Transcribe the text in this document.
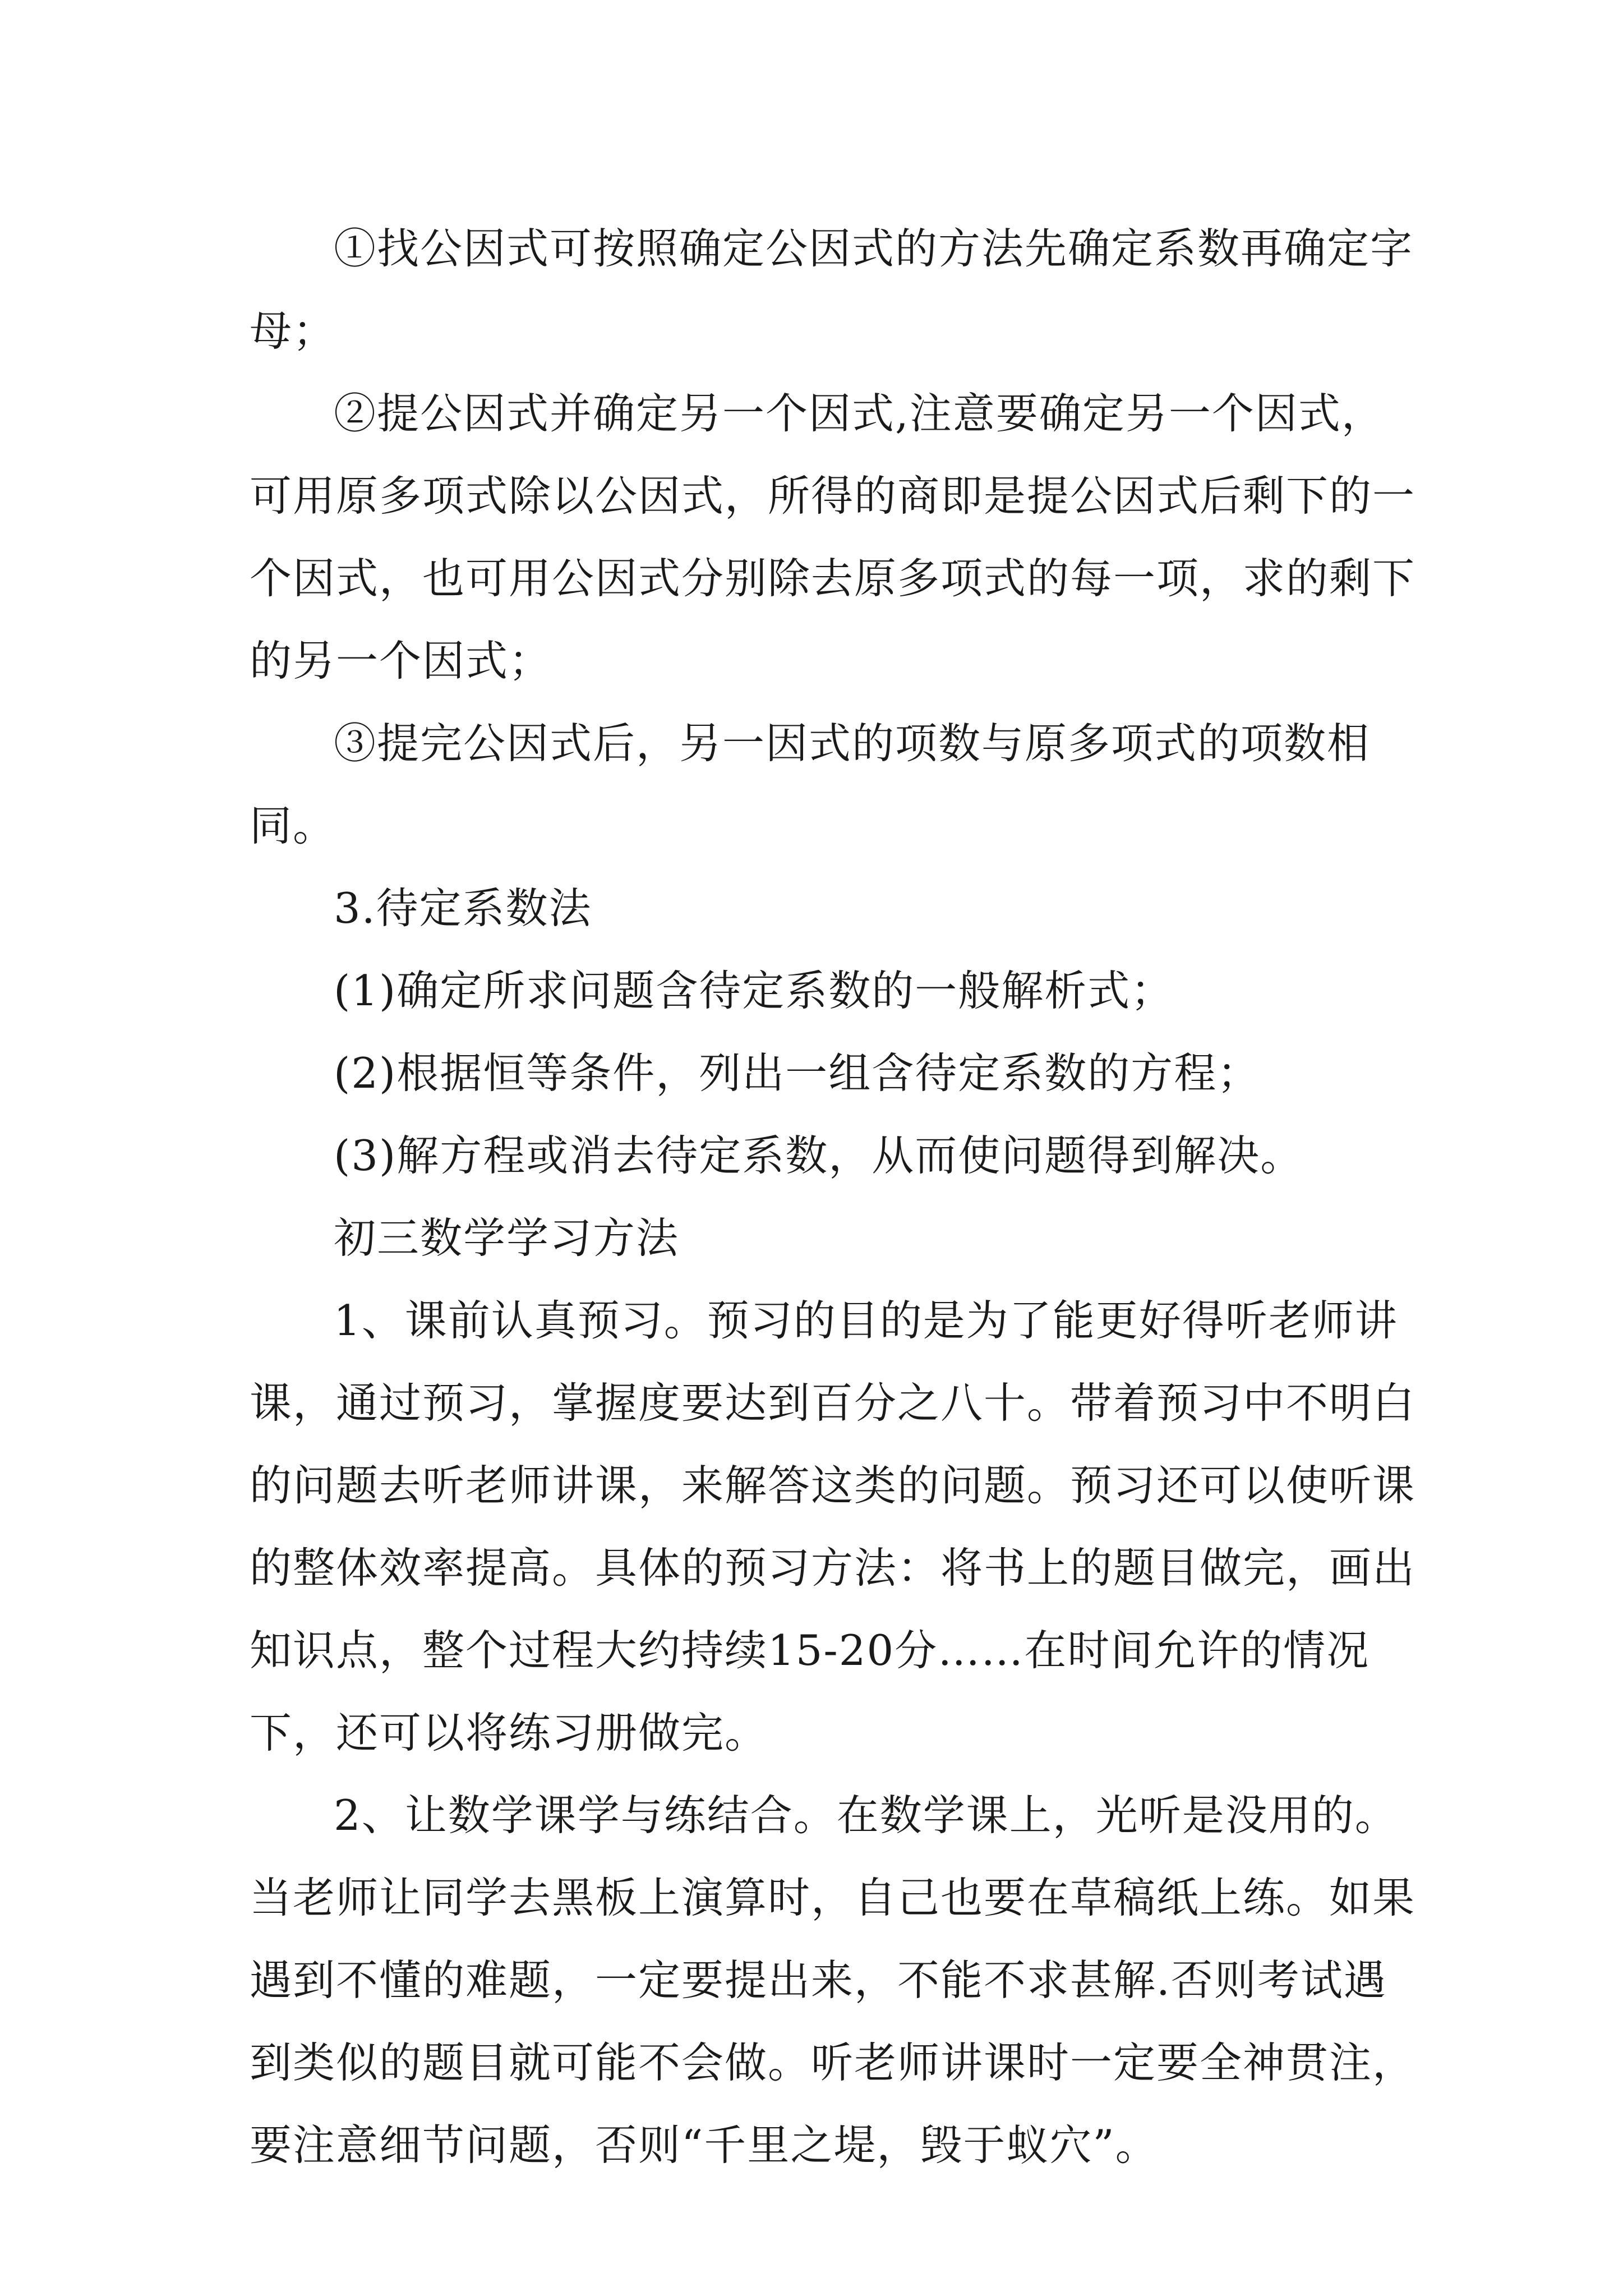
①找公因式可按照确定公因式的方法先确定系数再确定字母；

②提公因式并确定另一个因式,注意要确定另一个因式，可用原多项式除以公因式，所得的商即是提公因式后剩下的一个因式，也可用公因式分别除去原多项式的每一项，求的剩下的另一个因式；

③提完公因式后，另一因式的项数与原多项式的项数相同。

3.待定系数法

(1)确定所求问题含待定系数的一般解析式；

(2)根据恒等条件，列出一组含待定系数的方程；

(3)解方程或消去待定系数，从而使问题得到解决。

初三数学学习方法

1、课前认真预习。预习的目的是为了能更好得听老师讲课，通过预习，掌握度要达到百分之八十。带着预习中不明白的问题去听老师讲课，来解答这类的问题。预习还可以使听课的整体效率提高。具体的预习方法：将书上的题目做完，画出知识点，整个过程大约持续15-20分……在时间允许的情况下，还可以将练习册做完。

2、让数学课学与练结合。在数学课上，光听是没用的。当老师让同学去黑板上演算时，自己也要在草稿纸上练。如果遇到不懂的难题，一定要提出来，不能不求甚解.否则考试遇到类似的题目就可能不会做。听老师讲课时一定要全神贯注，要注意细节问题，否则“千里之堤，毁于蚁穴”。
